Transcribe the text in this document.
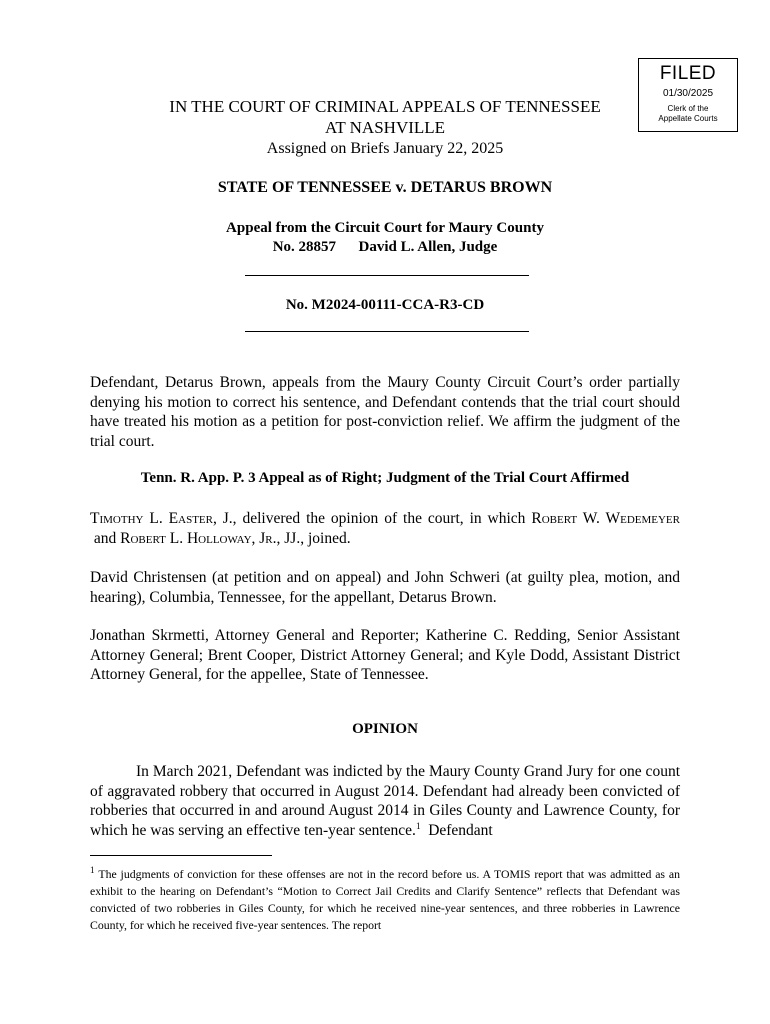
FILED
01/30/2025
Clerk of the
Appellate Courts
IN THE COURT OF CRIMINAL APPEALS OF TENNESSEE
AT NASHVILLE
Assigned on Briefs January 22, 2025
STATE OF TENNESSEE v. DETARUS BROWN
Appeal from the Circuit Court for Maury County
No. 28857      David L. Allen, Judge
No. M2024-00111-CCA-R3-CD
Defendant, Detarus Brown, appeals from the Maury County Circuit Court’s order partially denying his motion to correct his sentence, and Defendant contends that the trial court should have treated his motion as a petition for post-conviction relief. We affirm the judgment of the trial court.
Tenn. R. App. P. 3 Appeal as of Right; Judgment of the Trial Court Affirmed
Timothy L. Easter, J., delivered the opinion of the court, in which Robert W. Wedemeyer and Robert L. Holloway, Jr., JJ., joined.
David Christensen (at petition and on appeal) and John Schweri (at guilty plea, motion, and hearing), Columbia, Tennessee, for the appellant, Detarus Brown.
Jonathan Skrmetti, Attorney General and Reporter; Katherine C. Redding, Senior Assistant Attorney General; Brent Cooper, District Attorney General; and Kyle Dodd, Assistant District Attorney General, for the appellee, State of Tennessee.
OPINION
In March 2021, Defendant was indicted by the Maury County Grand Jury for one count of aggravated robbery that occurred in August 2014. Defendant had already been convicted of robberies that occurred in and around August 2014 in Giles County and Lawrence County, for which he was serving an effective ten-year sentence.$^1$  Defendant
$^1$ The judgments of conviction for these offenses are not in the record before us. A TOMIS report that was admitted as an exhibit to the hearing on Defendant’s “Motion to Correct Jail Credits and Clarify Sentence” reflects that Defendant was convicted of two robberies in Giles County, for which he received nine-year sentences, and three robberies in Lawrence County, for which he received five-year sentences. The report
